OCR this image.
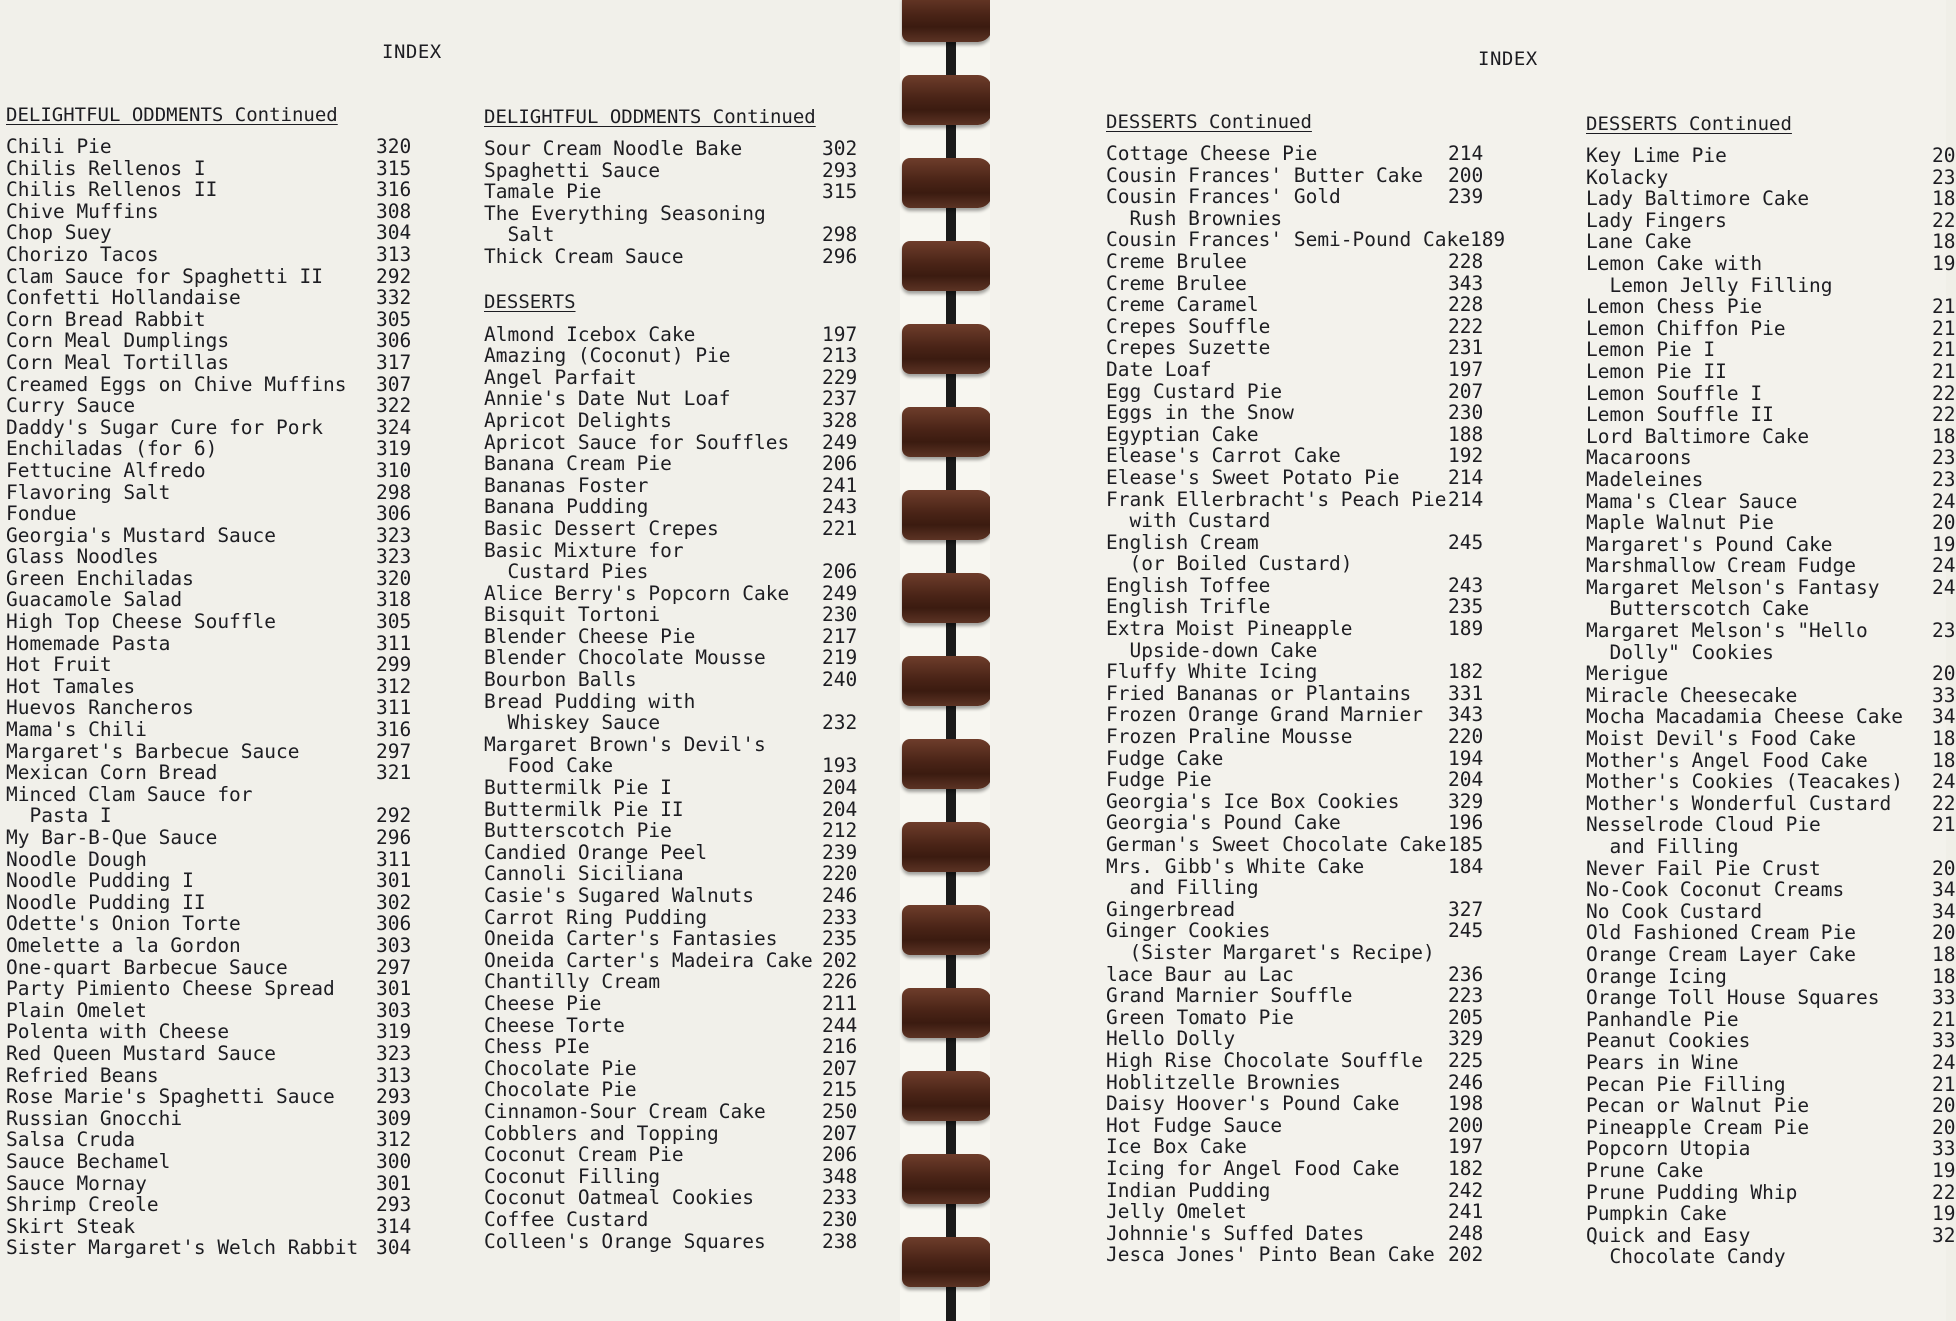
INDEX
DELIGHTFUL ODDMENTS Continued
Chili Pie	320
Chilis Rellenos I	315
Chilis Rellenos II	316
Chive Muffins	308
Chop Suey	304
Chorizo Tacos	313
Clam Sauce for Spaghetti II	292
Confetti Hollandaise	332
Corn Bread Rabbit	305
Corn Meal Dumplings	306
Corn Meal Tortillas	317
Creamed Eggs on Chive Muffins 307
Curry Sauce	322
Daddy's Sugar Cure for Pork	324
Enchiladas (for 6)	319
Fettucine Alfredo	310
Flavoring Salt	298
Fondue	306
Georgia's Mustard Sauce	323
Glass Noodles	323
Green Enchiladas	320
Guacamole Salad	318
High Top Cheese Souffle	305
Homemade Pasta	311
Hot Fruit	299
Hot Tamales	312
Huevos Rancheros	311
Mama's Chili	316
Margaret's Barbecue Sauce	297
Mexican Corn Bread	321
Minced Clam Sauce for
Pasta I	292
My Bar-B-Que Sauce	296
Noodle Dough	311
Noodle Pudding I	301
Noodle Pudding II	302
Odette's Onion Torte	306
Omelette a la Gordon	303
One-quart Barbecue Sauce	297
Party Pimiento Cheese Spread 301
Plain Omelet	303
Polenta with Cheese	319
Red Queen Mustard Sauce	323
Refried Beans	313
Rose Marie's Spaghetti Sauce 293
Russian Gnocchi	309
Salsa Cruda	312
Sauce Bechamel	300
Sauce Mornay	301
Shrimp Creole	293
Skirt Steak	314
Sister Margaret's Welch Rabbit 304
DELIGHTFUL ODDMENTS Continued
Sour Cream Noodle Bake	302
Spaghetti Sauce	293
Tamale Pie	315
The Everything Seasoning
Salt	298
Thick Cream Sauce	296
DESSERTS
Almond Icebox Cake	197
Amazing (Coconut) Pie	213
Angel Parfait	229
Annie's Date Nut Loaf	237
Apricot Delights	328
Apricot Sauce for Souffles 249
Banana Cream Pie	206
Bananas Foster	241
Banana Pudding	243
Basic Dessert Crepes	221
Basic Mixture for
Custard Pies	206
Alice Berry's Popcorn Cake 249
Bisquit Tortoni	230
Blender Cheese Pie	217
Blender Chocolate Mousse	219
Bourbon Balls	240
Bread Pudding with
Whiskey Sauce	232
Margaret Brown's Devil's
Food Cake	193
Buttermilk Pie I	204
Buttermilk Pie II	204
Butterscotch Pie	212
Candied Orange Peel	239
Cannoli Siciliana	220
Casie's Sugared Walnuts	246
Carrot Ring Pudding	233
Oneida Carter's Fantasies 235
Oneida Carter's Madeira Cake 202
Chantilly Cream	226
Cheese Pie	211
Cheese Torte	244
Chess PIe	216
Chocolate Pie	207
Chocolate Pie	215
Cinnamon-Sour Cream Cake	250
Cobblers and Topping	207
Coconut Cream Pie	206
Coconut Filling	348
Coconut Oatmeal Cookies	233
Coffee Custard	230
Colleen's Orange Squares	238
INDEX
DESSERTS Continued
Cottage Cheese Pie	214
Cousin Frances' Butter Cake 200
Cousin Frances' Gold	239
Rush Brownies
Cousin Frances' Semi-Pound Cake 189
Creme Brulee	228
Creme Brulee	343
Creme Caramel	228
Crepes Souffle	222
Crepes Suzette	231
Date Loaf	197
Egg Custard Pie	207
Eggs in the Snow	230
Egyptian Cake	188
Elease's Carrot Cake	192
Elease's Sweet Potato Pie 214
Frank Ellerbracht's Peach Pie 214
with Custard
English Cream	245
(or Boiled Custard)
English Toffee	243
English Trifle	235
Extra Moist Pineapple	189
Upside-down Cake
Fluffy White Icing	182
Fried Bananas or Plantains 331
Frozen Orange Grand Marnier 343
Frozen Praline Mousse	220
Fudge Cake	194
Fudge Pie	204
Georgia's Ice Box Cookies 329
Georgia's Pound Cake	196
German's Sweet Chocolate Cake 185
Mrs. Gibb's White Cake	184
and Filling
Gingerbread	327
Ginger Cookies	245
(Sister Margaret's Recipe)
lace Baur au Lac	236
Grand Marnier Souffle	223
Green Tomato Pie	205
Hello Dolly	329
High Rise Chocolate Souffle 225
Hoblitzelle Brownies	246
Daisy Hoover's Pound Cake 198
Hot Fudge Sauce	200
Ice Box Cake	197
Icing for Angel Food Cake 182
Indian Pudding	242
Jelly Omelet	241
Johnnie's Suffed Dates	248
Jesca Jones' Pinto Bean Cake 202
DESSERTS Continued
Key Lime Pie	20
Kolacky	23
Lady Baltimore Cake	18
Lady Fingers	22
Lane Cake	18
Lemon Cake with	19
Lemon Jelly Filling
Lemon Chess Pie	21
Lemon Chiffon Pie	21
Lemon Pie I	21
Lemon Pie II	21
Lemon Souffle I	22
Lemon Souffle II	22
Lord Baltimore Cake	18
Macaroons	23
Madeleines	23
Mama's Clear Sauce	24
Maple Walnut Pie	20
Margaret's Pound Cake	19
Marshmallow Cream Fudge	24
Margaret Melson's Fantasy	24
Butterscotch Cake
Margaret Melson's "Hello	23
Dolly" Cookies
Merigue	20
Miracle Cheesecake	33
Mocha Macadamia Cheese Cake 34
Moist Devil's Food Cake	18
Mother's Angel Food Cake	18
Mother's Cookies (Teacakes) 24
Mother's Wonderful Custard 22
Nesselrode Cloud Pie	21
and Filling
Never Fail Pie Crust	20
No-Cook Coconut Creams	34
No Cook Custard	34
Old Fashioned Cream Pie	20
Orange Cream Layer Cake	18
Orange Icing	18
Orange Toll House Squares	33
Panhandle Pie	21
Peanut Cookies	33
Pears in Wine	24
Pecan Pie Filling	21
Pecan or Walnut Pie	20
Pineapple Cream Pie	20
Popcorn Utopia	33
Prune Cake	19
Prune Pudding Whip	22
Pumpkin Cake	19
Quick and Easy	32
Chocolate Candy
